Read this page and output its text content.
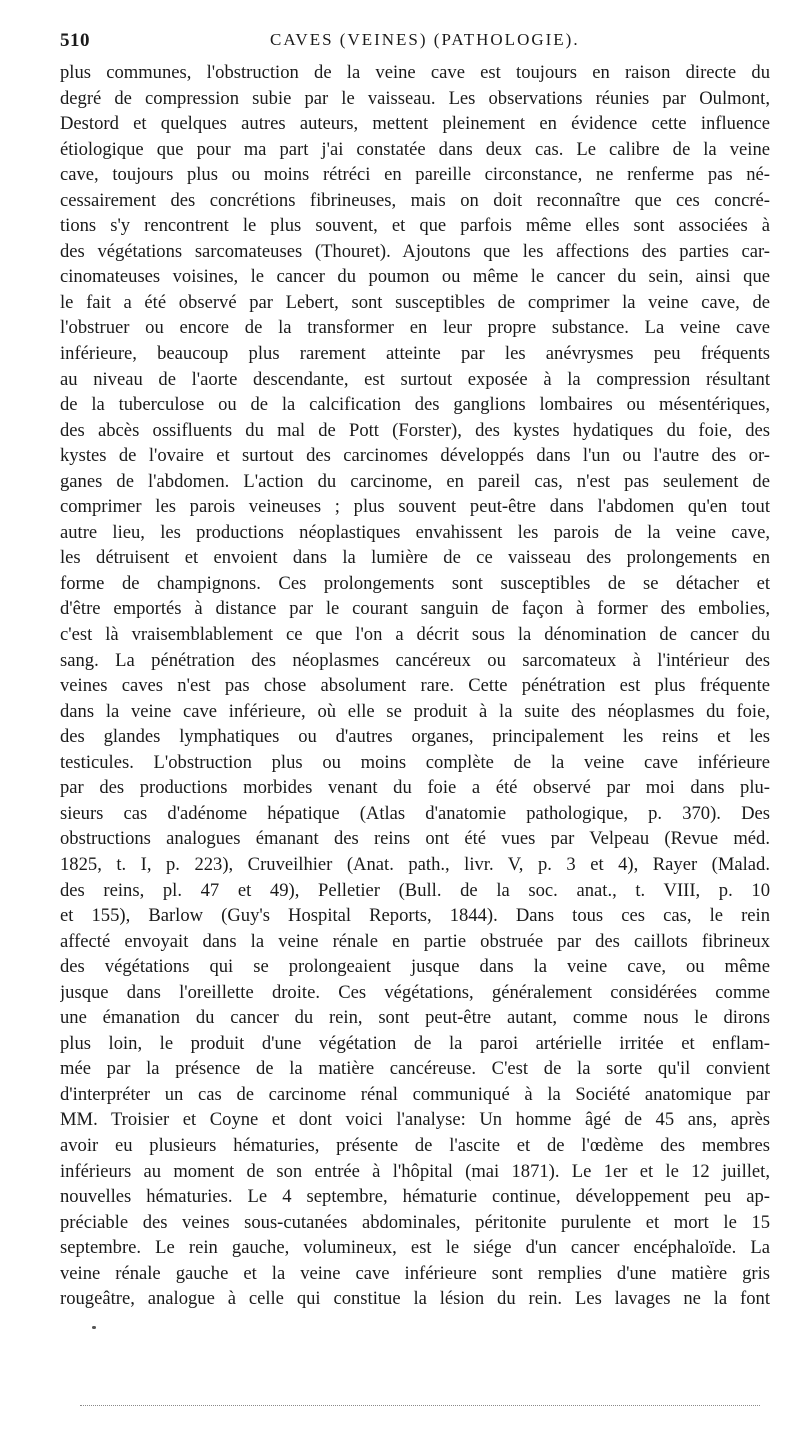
510	CAVES (VEINES) (PATHOLOGIE).
plus communes, l'obstruction de la veine cave est toujours en raison directe du
degré de compression subie par le vaisseau. Les observations réunies par Oulmont,
Destord et quelques autres auteurs, mettent pleinement en évidence cette influence
étiologique que pour ma part j'ai constatée dans deux cas. Le calibre de la veine
cave, toujours plus ou moins rétréci en pareille circonstance, ne renferme pas né-
cessairement des concrétions fibrineuses, mais on doit reconnaître que ces concré-
tions s'y rencontrent le plus souvent, et que parfois même elles sont associées à
des végétations sarcomateuses (Thouret). Ajoutons que les affections des parties car-
cinomateuses voisines, le cancer du poumon ou même le cancer du sein, ainsi que
le fait a été observé par Lebert, sont susceptibles de comprimer la veine cave, de
l'obstruer ou encore de la transformer en leur propre substance. La veine cave
inférieure, beaucoup plus rarement atteinte par les anévrysmes peu fréquents
au niveau de l'aorte descendante, est surtout exposée à la compression résultant
de la tuberculose ou de la calcification des ganglions lombaires ou mésentériques,
des abcès ossifluents du mal de Pott (Forster), des kystes hydatiques du foie, des
kystes de l'ovaire et surtout des carcinomes développés dans l'un ou l'autre des or-
ganes de l'abdomen. L'action du carcinome, en pareil cas, n'est pas seulement de
comprimer les parois veineuses ; plus souvent peut-être dans l'abdomen qu'en tout
autre lieu, les productions néoplastiques envahissent les parois de la veine cave,
les détruisent et envoient dans la lumière de ce vaisseau des prolongements en
forme de champignons. Ces prolongements sont susceptibles de se détacher et
d'être emportés à distance par le courant sanguin de façon à former des embolies,
c'est là vraisemblablement ce que l'on a décrit sous la dénomination de cancer du
sang. La pénétration des néoplasmes cancéreux ou sarcomateux à l'intérieur des
veines caves n'est pas chose absolument rare. Cette pénétration est plus fréquente
dans la veine cave inférieure, où elle se produit à la suite des néoplasmes du foie,
des glandes lymphatiques ou d'autres organes, principalement les reins et les
testicules. L'obstruction plus ou moins complète de la veine cave inférieure
par des productions morbides venant du foie a été observé par moi dans plu-
sieurs cas d'adénome hépatique (Atlas d'anatomie pathologique, p. 370). Des
obstructions analogues émanant des reins ont été vues par Velpeau (Revue méd.
1825, t. I, p. 223), Cruveilhier (Anat. path., livr. V, p. 3 et 4), Rayer (Malad.
des reins, pl. 47 et 49), Pelletier (Bull. de la soc. anat., t. VIII, p. 10
et 155), Barlow (Guy's Hospital Reports, 1844). Dans tous ces cas, le rein
affecté envoyait dans la veine rénale en partie obstruée par des caillots fibrineux
des végétations qui se prolongeaient jusque dans la veine cave, ou même
jusque dans l'oreillette droite. Ces végétations, généralement considérées comme
une émanation du cancer du rein, sont peut-être autant, comme nous le dirons
plus loin, le produit d'une végétation de la paroi artérielle irritée et enflam-
mée par la présence de la matière cancéreuse. C'est de la sorte qu'il convient
d'interpréter un cas de carcinome rénal communiqué à la Société anatomique par
MM. Troisier et Coyne et dont voici l'analyse: Un homme âgé de 45 ans, après
avoir eu plusieurs hématuries, présente de l'ascite et de l'œdème des membres
inférieurs au moment de son entrée à l'hôpital (mai 1871). Le 1er et le 12 juillet,
nouvelles hématuries. Le 4 septembre, hématurie continue, développement peu ap-
préciable des veines sous-cutanées abdominales, péritonite purulente et mort le 15
septembre. Le rein gauche, volumineux, est le siége d'un cancer encéphaloïde. La
veine rénale gauche et la veine cave inférieure sont remplies d'une matière gris
rougeâtre, analogue à celle qui constitue la lésion du rein. Les lavages ne la font
